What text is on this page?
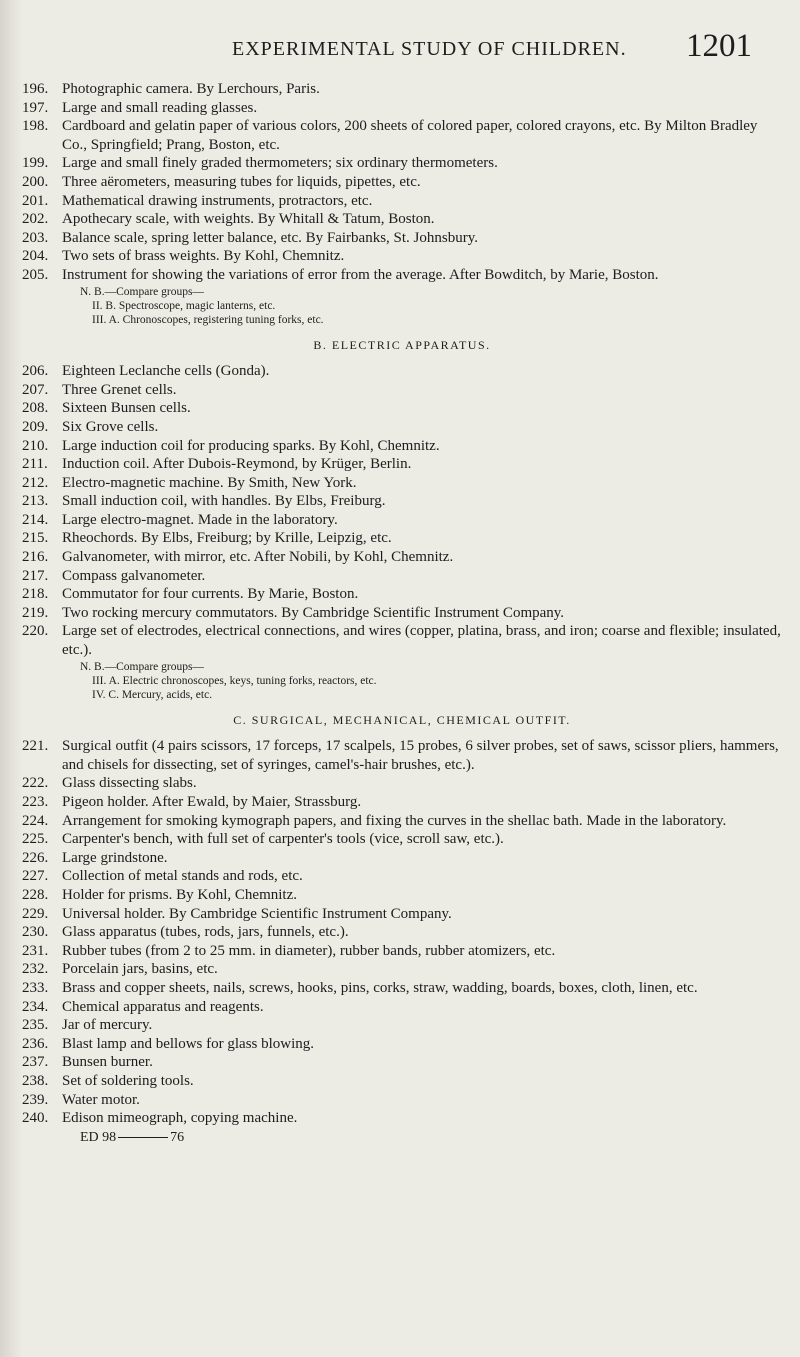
EXPERIMENTAL STUDY OF CHILDREN. 1201
196. Photographic camera. By Lerchours, Paris.
197. Large and small reading glasses.
198. Cardboard and gelatin paper of various colors, 200 sheets of colored paper, colored crayons, etc. By Milton Bradley Co., Springfield; Prang, Boston, etc.
199. Large and small finely graded thermometers; six ordinary thermometers.
200. Three aërometers, measuring tubes for liquids, pipettes, etc.
201. Mathematical drawing instruments, protractors, etc.
202. Apothecary scale, with weights. By Whitall & Tatum, Boston.
203. Balance scale, spring letter balance, etc. By Fairbanks, St. Johnsbury.
204. Two sets of brass weights. By Kohl, Chemnitz.
205. Instrument for showing the variations of error from the average. After Bowditch, by Marie, Boston.
N. B.—Compare groups—
II. B. Spectroscope, magic lanterns, etc.
III. A. Chronoscopes, registering tuning forks, etc.
B. ELECTRIC APPARATUS.
206. Eighteen Leclanche cells (Gonda).
207. Three Grenet cells.
208. Sixteen Bunsen cells.
209. Six Grove cells.
210. Large induction coil for producing sparks. By Kohl, Chemnitz.
211. Induction coil. After Dubois-Reymond, by Krüger, Berlin.
212. Electro-magnetic machine. By Smith, New York.
213. Small induction coil, with handles. By Elbs, Freiburg.
214. Large electro-magnet. Made in the laboratory.
215. Rheochords. By Elbs, Freiburg; by Krille, Leipzig, etc.
216. Galvanometer, with mirror, etc. After Nobili, by Kohl, Chemnitz.
217. Compass galvanometer.
218. Commutator for four currents. By Marie, Boston.
219. Two rocking mercury commutators. By Cambridge Scientific Instrument Company.
220. Large set of electrodes, electrical connections, and wires (copper, platina, brass, and iron; coarse and flexible; insulated, etc.).
N. B.—Compare groups—
III. A. Electric chronoscopes, keys, tuning forks, reactors, etc.
IV. C. Mercury, acids, etc.
C. SURGICAL, MECHANICAL, CHEMICAL OUTFIT.
221. Surgical outfit (4 pairs scissors, 17 forceps, 17 scalpels, 15 probes, 6 silver probes, set of saws, scissor pliers, hammers, and chisels for dissecting, set of syringes, camel's-hair brushes, etc.).
222. Glass dissecting slabs.
223. Pigeon holder. After Ewald, by Maier, Strassburg.
224. Arrangement for smoking kymograph papers, and fixing the curves in the shellac bath. Made in the laboratory.
225. Carpenter's bench, with full set of carpenter's tools (vice, scroll saw, etc.).
226. Large grindstone.
227. Collection of metal stands and rods, etc.
228. Holder for prisms. By Kohl, Chemnitz.
229. Universal holder. By Cambridge Scientific Instrument Company.
230. Glass apparatus (tubes, rods, jars, funnels, etc.).
231. Rubber tubes (from 2 to 25 mm. in diameter), rubber bands, rubber atomizers, etc.
232. Porcelain jars, basins, etc.
233. Brass and copper sheets, nails, screws, hooks, pins, corks, straw, wadding, boards, boxes, cloth, linen, etc.
234. Chemical apparatus and reagents.
235. Jar of mercury.
236. Blast lamp and bellows for glass blowing.
237. Bunsen burner.
238. Set of soldering tools.
239. Water motor.
240. Edison mimeograph, copying machine.
ED 98	76
